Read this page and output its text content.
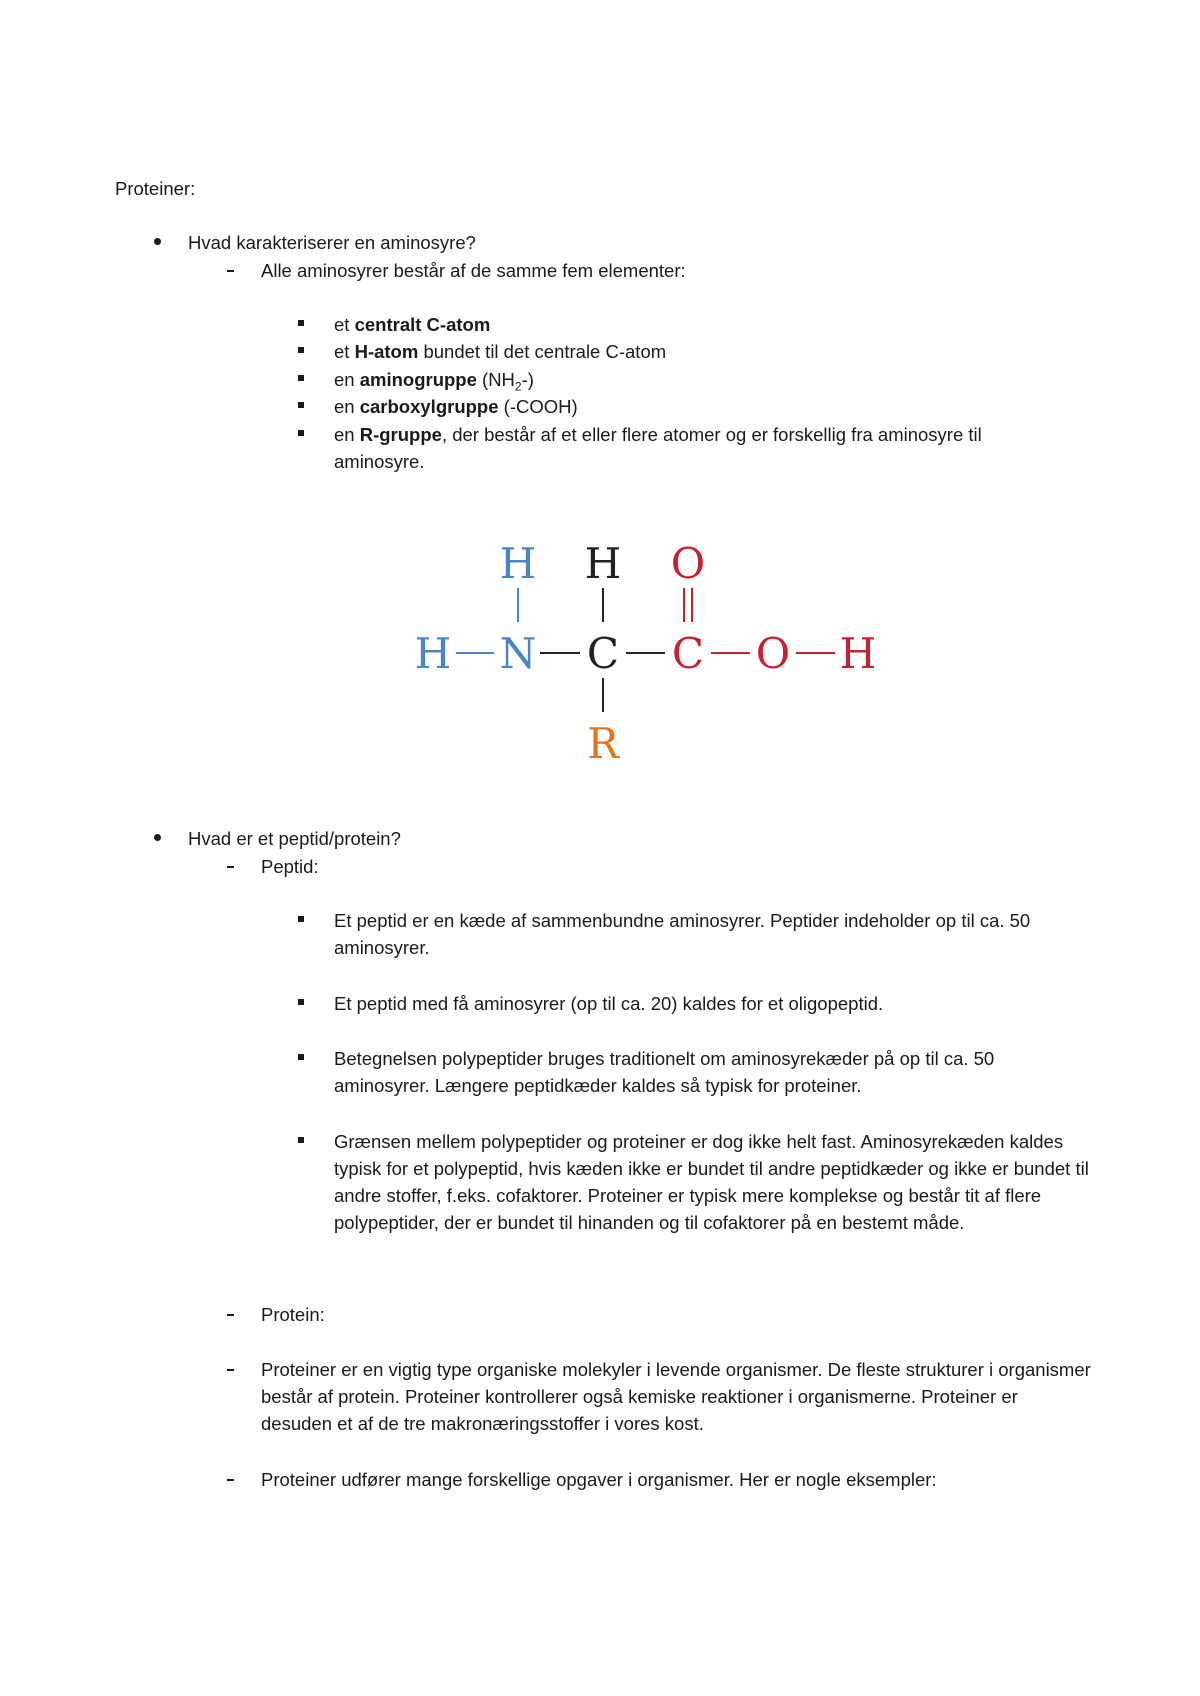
Proteiner:
Hvad karakteriserer en aminosyre?
Alle aminosyrer består af de samme fem elementer:
et centralt C-atom
et H-atom bundet til det centrale C-atom
en aminogruppe $(NH_2-)$
en carboxylgruppe (-COOH)
en R-gruppe, der består af et eller flere atomer og er forskellig fra aminosyre til aminosyre.
H H O
H N C C O H
R
Hvad er et peptid/protein?
Peptid:
Et peptid er en kæde af sammenbundne aminosyrer. Peptider indeholder op til ca. 50 aminosyrer.
Et peptid med få aminosyrer (op til ca. 20) kaldes for et oligopeptid.
Betegnelsen polypeptider bruges traditionelt om aminosyrekæder på op til ca. 50 aminosyrer. Længere peptidkæder kaldes så typisk for proteiner.
Grænsen mellem polypeptider og proteiner er dog ikke helt fast. Aminosyrekæden kaldes typisk for et polypeptid, hvis kæden ikke er bundet til andre peptidkæder og ikke er bundet til andre stoffer, f.eks. cofaktorer. Proteiner er typisk mere komplekse og består tit af flere polypeptider, der er bundet til hinanden og til cofaktorer på en bestemt måde.
Protein:
Proteiner er en vigtig type organiske molekyler i levende organismer. De fleste strukturer i organismer består af protein. Proteiner kontrollerer også kemiske reaktioner i organismerne. Proteiner er desuden et af de tre makronæringsstoffer i vores kost.
Proteiner udfører mange forskellige opgaver i organismer. Her er nogle eksempler:
